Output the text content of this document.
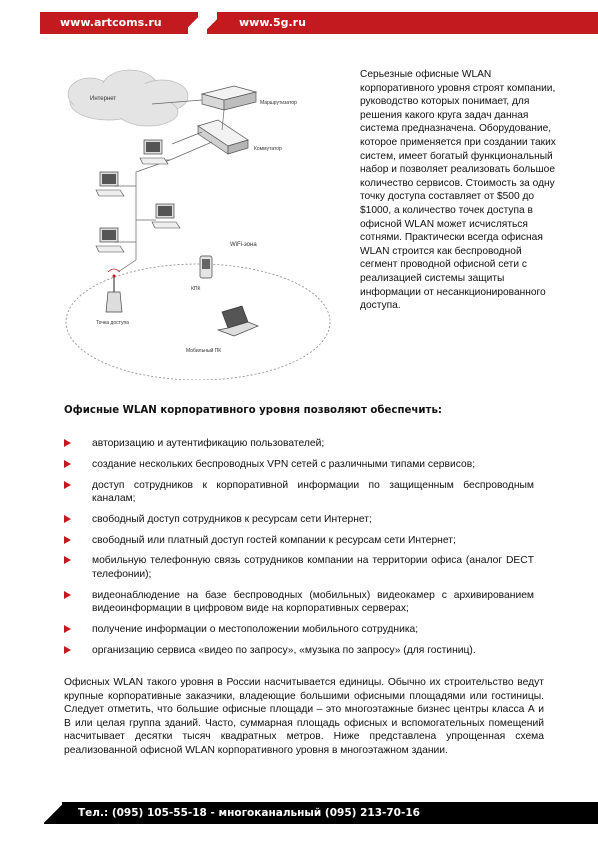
www.artcoms.ru	www.5g.ru
Интернет
Маршрутизатор
Коммутатор
WiFi-зона
Точка доступа
КПК
Мобильный ПК

Серьезные офисные WLAN корпоративного уровня строят компании, руководство которых понимает, для решения какого круга задач данная система предназначена. Оборудование, которое применяется при создании таких систем, имеет богатый функциональный набор и позволяет реализовать большое количество сервисов. Стоимость за одну точку доступа составляет от $500 до $1000, а количество точек доступа в офисной WLAN может исчисляться сотнями. Практически всегда офисная WLAN строится как беспроводной сегмент проводной офисной сети с реализацией системы защиты информации от несанкционированного доступа.

Офисные WLAN корпоративного уровня позволяют обеспечить:
авторизацию и аутентификацию пользователей;
создание нескольких беспроводных VPN сетей с различными типами сервисов;
доступ сотрудников к корпоративной информации по защищенным беспроводным каналам;
свободный доступ сотрудников к ресурсам сети Интернет;
свободный или платный доступ гостей компании к ресурсам сети Интернет;
мобильную телефонную связь сотрудников компании на территории офиса (аналог DECT телефонии);
видеонаблюдение на базе беспроводных (мобильных) видеокамер с архивированием видеоинформации в цифровом виде на корпоративных серверах;
получение информации о местоположении мобильного сотрудника;
организацию сервиса «видео по запросу», «музыка по запросу» (для гостиниц).

Офисных WLAN такого уровня в России насчитывается единицы. Обычно их строительство ведут крупные корпоративные заказчики, владеющие большими офисными площадями или гостиницы. Следует отметить, что большие офисные площади – это многоэтажные бизнес центры класса А и В или целая группа зданий. Часто, суммарная площадь офисных и вспомогательных помещений насчитывает десятки тысяч квадратных метров. Ниже представлена упрощенная схема реализованной офисной WLAN корпоративного уровня в многоэтажном здании.

Тел.: (095) 105-55-18 - многоканальный (095) 213-70-16
